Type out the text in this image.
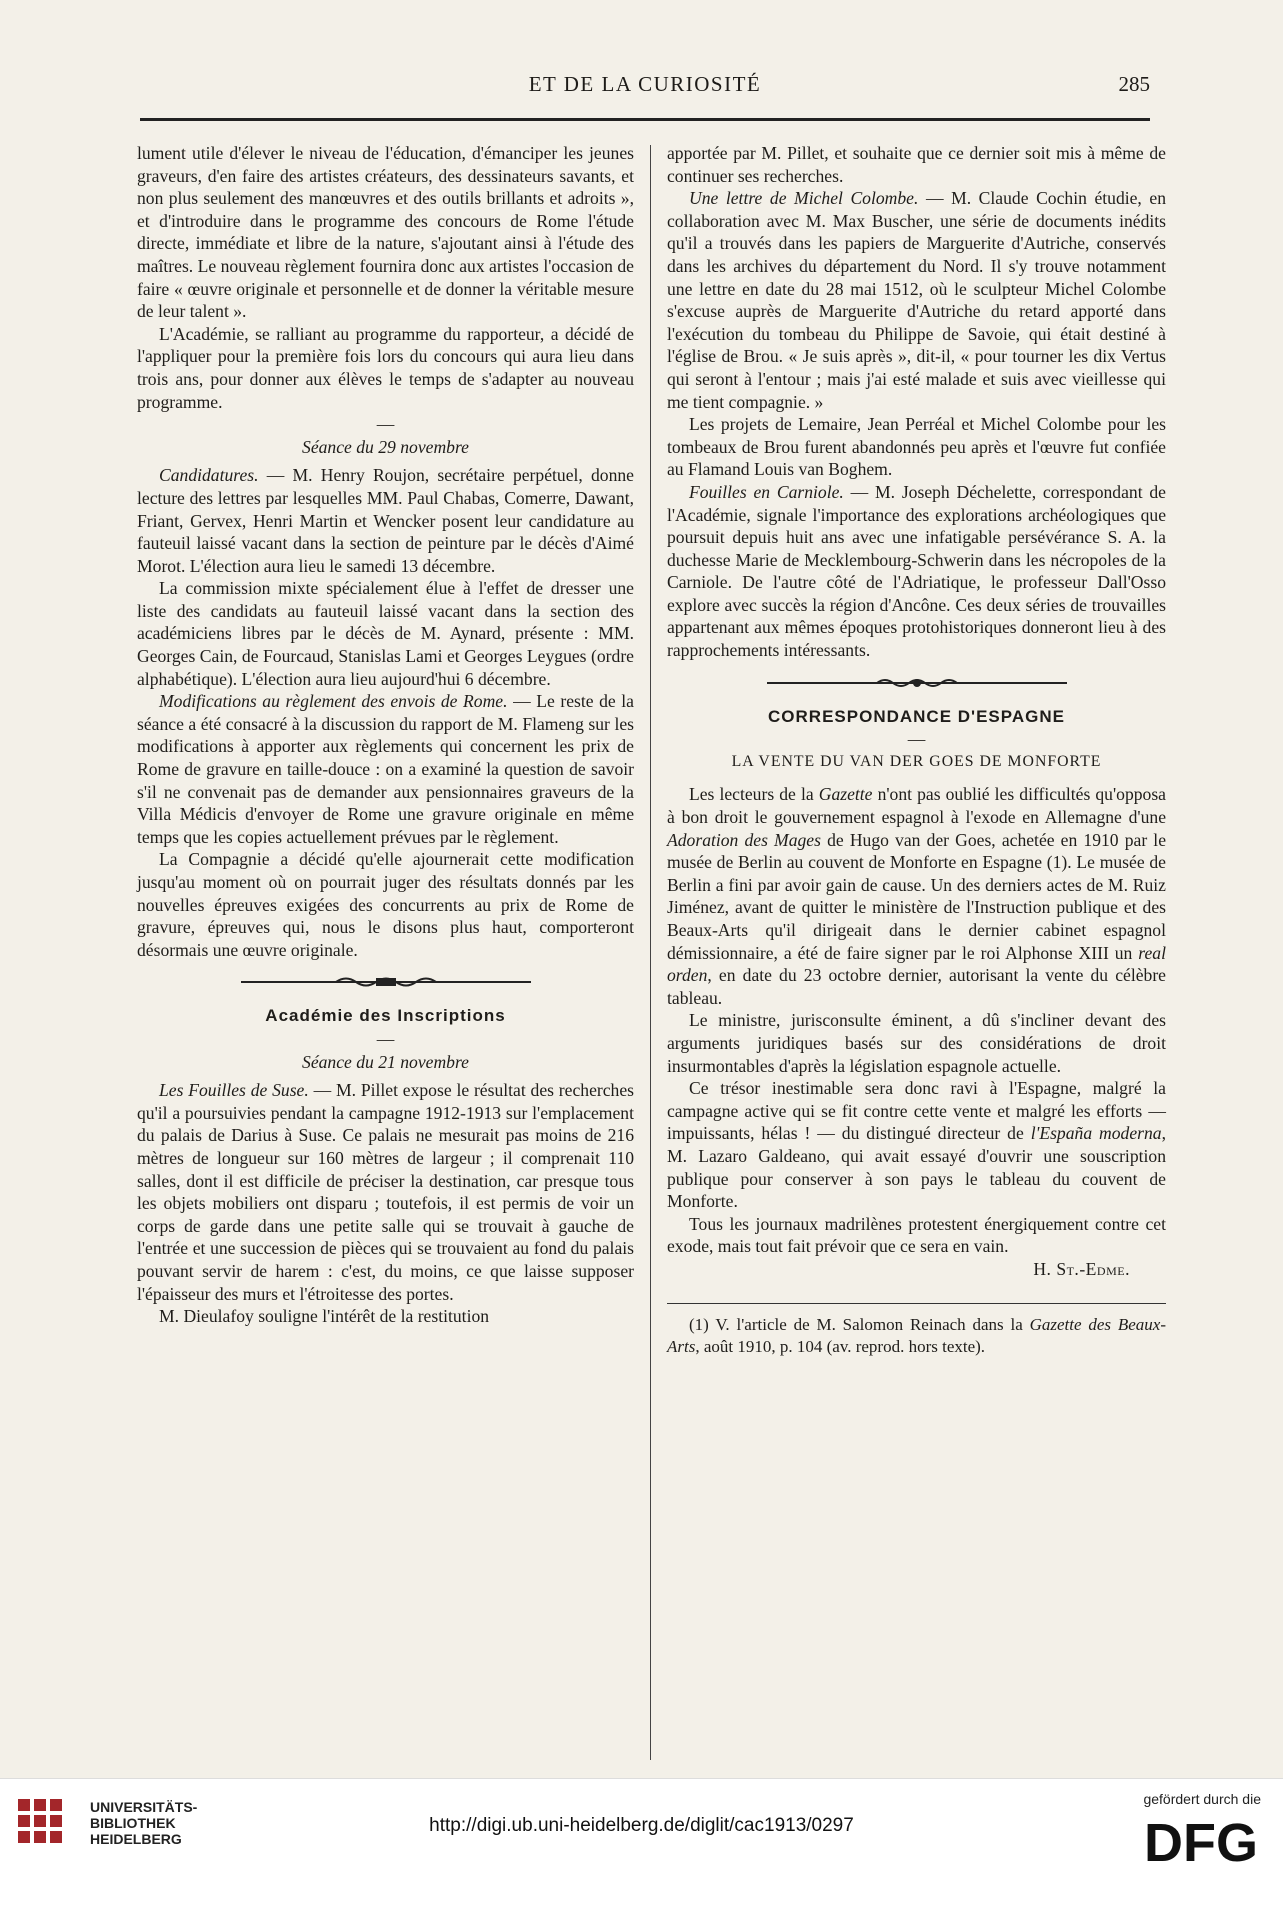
ET DE LA CURIOSITÉ	285

lument utile d'élever le niveau de l'éducation, d'émanciper les jeunes graveurs, d'en faire des artistes créateurs, des dessinateurs savants, et non plus seulement des manœuvres et des outils brillants et adroits », et d'introduire dans le programme des concours de Rome l'étude directe, immédiate et libre de la nature, s'ajoutant ainsi à l'étude des maîtres. Le nouveau règlement fournira donc aux artistes l'occasion de faire « œuvre originale et personnelle et de donner la véritable mesure de leur talent ».

L'Académie, se ralliant au programme du rapporteur, a décidé de l'appliquer pour la première fois lors du concours qui aura lieu dans trois ans, pour donner aux élèves le temps de s'adapter au nouveau programme.

—

Séance du 29 novembre

Candidatures. — M. Henry Roujon, secrétaire perpétuel, donne lecture des lettres par lesquelles MM. Paul Chabas, Comerre, Dawant, Friant, Gervex, Henri Martin et Wencker posent leur candidature au fauteuil laissé vacant dans la section de peinture par le décès d'Aimé Morot. L'élection aura lieu le samedi 13 décembre.

La commission mixte spécialement élue à l'effet de dresser une liste des candidats au fauteuil laissé vacant dans la section des académiciens libres par le décès de M. Aynard, présente : MM. Georges Cain, de Fourcaud, Stanislas Lami et Georges Leygues (ordre alphabétique). L'élection aura lieu aujourd'hui 6 décembre.

Modifications au règlement des envois de Rome. — Le reste de la séance a été consacré à la discussion du rapport de M. Flameng sur les modifications à apporter aux règlements qui concernent les prix de Rome de gravure en taille-douce : on a examiné la question de savoir s'il ne convenait pas de demander aux pensionnaires graveurs de la Villa Médicis d'envoyer de Rome une gravure originale en même temps que les copies actuellement prévues par le règlement.

La Compagnie a décidé qu'elle ajournerait cette modification jusqu'au moment où on pourrait juger des résultats donnés par les nouvelles épreuves exigées des concurrents au prix de Rome de gravure, épreuves qui, nous le disons plus haut, comporteront désormais une œuvre originale.

Académie des Inscriptions

—

Séance du 21 novembre

Les Fouilles de Suse. — M. Pillet expose le résultat des recherches qu'il a poursuivies pendant la campagne 1912-1913 sur l'emplacement du palais de Darius à Suse. Ce palais ne mesurait pas moins de 216 mètres de longueur sur 160 mètres de largeur ; il comprenait 110 salles, dont il est difficile de préciser la destination, car presque tous les objets mobiliers ont disparu ; toutefois, il est permis de voir un corps de garde dans une petite salle qui se trouvait à gauche de l'entrée et une succession de pièces qui se trouvaient au fond du palais pouvant servir de harem : c'est, du moins, ce que laisse supposer l'épaisseur des murs et l'étroitesse des portes.

M. Dieulafoy souligne l'intérêt de la restitution

apportée par M. Pillet, et souhaite que ce dernier soit mis à même de continuer ses recherches.

Une lettre de Michel Colombe. — M. Claude Cochin étudie, en collaboration avec M. Max Buscher, une série de documents inédits qu'il a trouvés dans les papiers de Marguerite d'Autriche, conservés dans les archives du département du Nord. Il s'y trouve notamment une lettre en date du 28 mai 1512, où le sculpteur Michel Colombe s'excuse auprès de Marguerite d'Autriche du retard apporté dans l'exécution du tombeau du Philippe de Savoie, qui était destiné à l'église de Brou. « Je suis après », dit-il, « pour tourner les dix Vertus qui seront à l'entour ; mais j'ai esté malade et suis avec vieillesse qui me tient compagnie. »

Les projets de Lemaire, Jean Perréal et Michel Colombe pour les tombeaux de Brou furent abandonnés peu après et l'œuvre fut confiée au Flamand Louis van Boghem.

Fouilles en Carniole. — M. Joseph Déchelette, correspondant de l'Académie, signale l'importance des explorations archéologiques que poursuit depuis huit ans avec une infatigable persévérance S. A. la duchesse Marie de Mecklembourg-Schwerin dans les nécropoles de la Carniole. De l'autre côté de l'Adriatique, le professeur Dall'Osso explore avec succès la région d'Ancône. Ces deux séries de trouvailles appartenant aux mêmes époques protohistoriques donneront lieu à des rapprochements intéressants.

CORRESPONDANCE D'ESPAGNE

—

LA VENTE DU VAN DER GOES DE MONFORTE

Les lecteurs de la Gazette n'ont pas oublié les difficultés qu'opposa à bon droit le gouvernement espagnol à l'exode en Allemagne d'une Adoration des Mages de Hugo van der Goes, achetée en 1910 par le musée de Berlin au couvent de Monforte en Espagne (1). Le musée de Berlin a fini par avoir gain de cause. Un des derniers actes de M. Ruiz Jiménez, avant de quitter le ministère de l'Instruction publique et des Beaux-Arts qu'il dirigeait dans le dernier cabinet espagnol démissionnaire, a été de faire signer par le roi Alphonse XIII un real orden, en date du 23 octobre dernier, autorisant la vente du célèbre tableau.

Le ministre, jurisconsulte éminent, a dû s'incliner devant des arguments juridiques basés sur des considérations de droit insurmontables d'après la législation espagnole actuelle.

Ce trésor inestimable sera donc ravi à l'Espagne, malgré la campagne active qui se fit contre cette vente et malgré les efforts — impuissants, hélas ! — du distingué directeur de l'España moderna, M. Lazaro Galdeano, qui avait essayé d'ouvrir une souscription publique pour conserver à son pays le tableau du couvent de Monforte.

Tous les journaux madrilènes protestent énergiquement contre cet exode, mais tout fait prévoir que ce sera en vain.

H. St.-Edme.

(1) V. l'article de M. Salomon Reinach dans la Gazette des Beaux-Arts, août 1910, p. 104 (av. reprod. hors texte).

UNIVERSITÄTS-
BIBLIOTHEK
HEIDELBERG
http://digi.ub.uni-heidelberg.de/diglit/cac1913/0297
gefördert durch die
DFG
